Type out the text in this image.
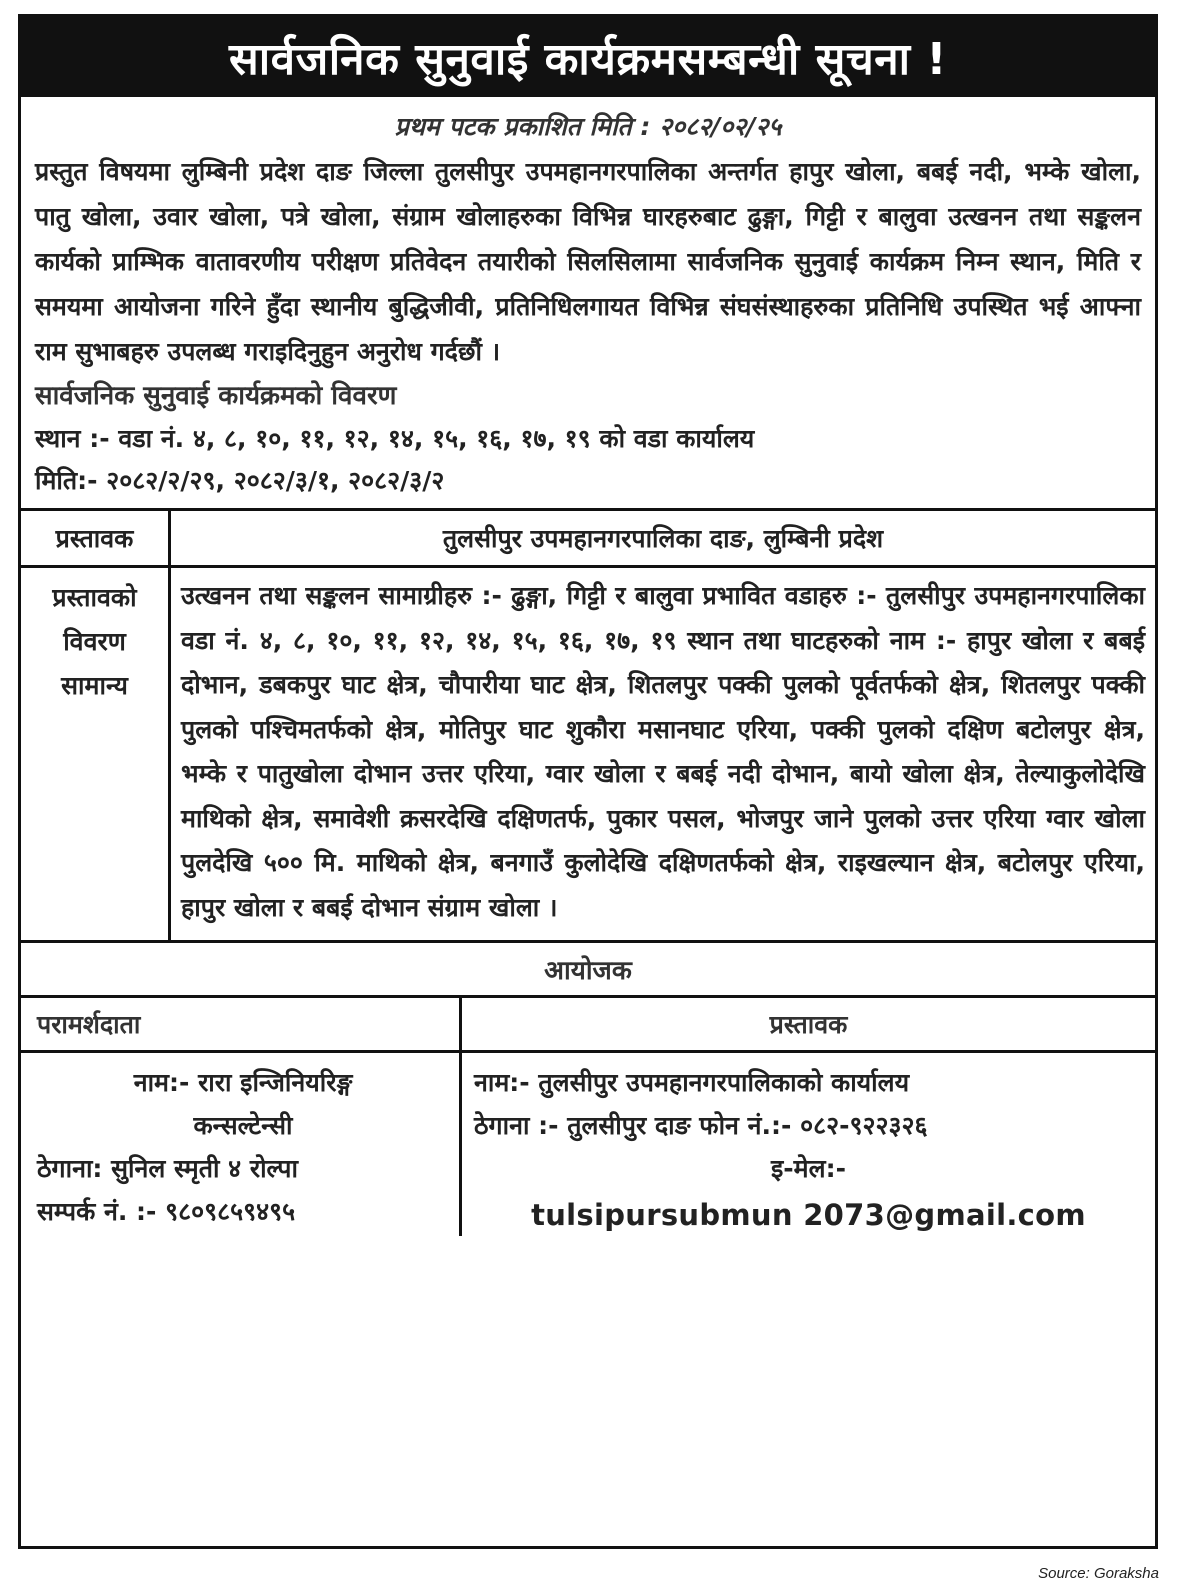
सार्वजनिक सुनुवाई कार्यक्रमसम्बन्धी सूचना !
प्रथम पटक प्रकाशित मिति : २०८२/०२/२५
प्रस्तुत विषयमा लुम्बिनी प्रदेश दाङ जिल्ला तुलसीपुर उपमहानगरपालिका अन्तर्गत हापुर खोला, बबई नदी, भम्के खोला, पातु खोला, उवार खोला, पत्रे खोला, संग्राम खोलाहरुका विभिन्न घारहरुबाट ढुङ्गा, गिट्टी र बालुवा उत्खनन तथा सङ्कलन कार्यको प्राम्भिक वातावरणीय परीक्षण प्रतिवेदन तयारीको सिलसिलामा सार्वजनिक सुनुवाई कार्यक्रम निम्न स्थान, मिति र समयमा आयोजना गरिने हुँदा स्थानीय बुद्धिजीवी, प्रतिनिधिलगायत विभिन्न संघसंस्थाहरुका प्रतिनिधि उपस्थित भई आफ्ना राम सुभाबहरु उपलब्ध गराइदिनुहुन अनुरोध गर्दछौं ।
सार्वजनिक सुनुवाई कार्यक्रमको विवरण
स्थान :- वडा नं. ४, ८, १०, ११, १२, १४, १५, १६, १७, १९ को वडा कार्यालय
मिति:- २०८२/२/२९, २०८२/३/१, २०८२/३/२
प्रस्तावक	तुलसीपुर उपमहानगरपालिका दाङ, लुम्बिनी प्रदेश
प्रस्तावको
विवरण
सामान्य
उत्खनन तथा सङ्कलन सामाग्रीहरु :- ढुङ्गा, गिट्टी र बालुवा प्रभावित वडाहरु :- तुलसीपुर उपमहानगरपालिका वडा नं. ४, ८, १०, ११, १२, १४, १५, १६, १७, १९ स्थान तथा घाटहरुको नाम :- हापुर खोला र बबई दोभान, डबकपुर घाट क्षेत्र, चौपारीया घाट क्षेत्र, शितलपुर पक्की पुलको पूर्वतर्फको क्षेत्र, शितलपुर पक्की पुलको पश्चिमतर्फको क्षेत्र, मोतिपुर घाट शुकौरा मसानघाट एरिया, पक्की पुलको दक्षिण बटोलपुर क्षेत्र, भम्के र पातुखोला दोभान उत्तर एरिया, ग्वार खोला र बबई नदी दोभान, बायो खोला क्षेत्र, तेल्याकुलोदेखि माथिको क्षेत्र, समावेशी क्रसरदेखि दक्षिणतर्फ, पुकार पसल, भोजपुर जाने पुलको उत्तर एरिया ग्वार खोला पुलदेखि ५०० मि. माथिको क्षेत्र, बनगाउँ कुलोदेखि दक्षिणतर्फको क्षेत्र, राइखल्यान क्षेत्र, बटोलपुर एरिया, हापुर खोला र बबई दोभान संग्राम खोला ।
आयोजक
परामर्शदाता
नाम:- रारा इन्जिनियरिङ्ग
कन्सल्टेन्सी
ठेगाना: सुनिल स्मृती ४ रोल्पा
सम्पर्क नं. :- ९८०९८५९४९५
प्रस्तावक
नाम:- तुलसीपुर उपमहानगरपालिकाको कार्यालय
ठेगाना :- तुलसीपुर दाङ फोन नं.:- ०८२-९२२३२६
इ-मेल:-
tulsipursubmun 2073@gmail.com
Source: Goraksha
